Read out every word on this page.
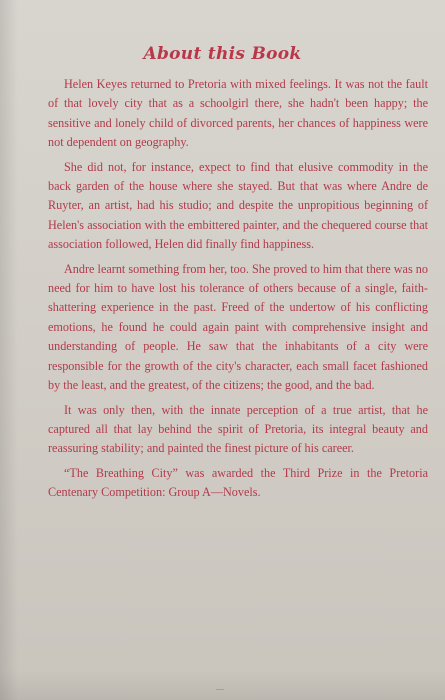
About this Book

Helen Keyes returned to Pretoria with mixed feelings. It was not the fault of that lovely city that as a schoolgirl there, she hadn't been happy; the sensitive and lonely child of divorced parents, her chances of happiness were not dependent on geography.

She did not, for instance, expect to find that elusive commodity in the back garden of the house where she stayed. But that was where Andre de Ruyter, an artist, had his studio; and despite the unpropitious beginning of Helen's association with the embittered painter, and the chequered course that association followed, Helen did finally find happiness.

Andre learnt something from her, too. She proved to him that there was no need for him to have lost his tolerance of others because of a single, faith-shattering experience in the past. Freed of the undertow of his conflicting emotions, he found he could again paint with comprehensive insight and understanding of people. He saw that the inhabitants of a city were responsible for the growth of the city's character, each small facet fashioned by the least, and the greatest, of the citizens; the good, and the bad.

It was only then, with the innate perception of a true artist, that he captured all that lay behind the spirit of Pretoria, its integral beauty and reassuring stability; and painted the finest picture of his career.

“The Breathing City” was awarded the Third Prize in the Pretoria Centenary Competition: Group A—Novels.
